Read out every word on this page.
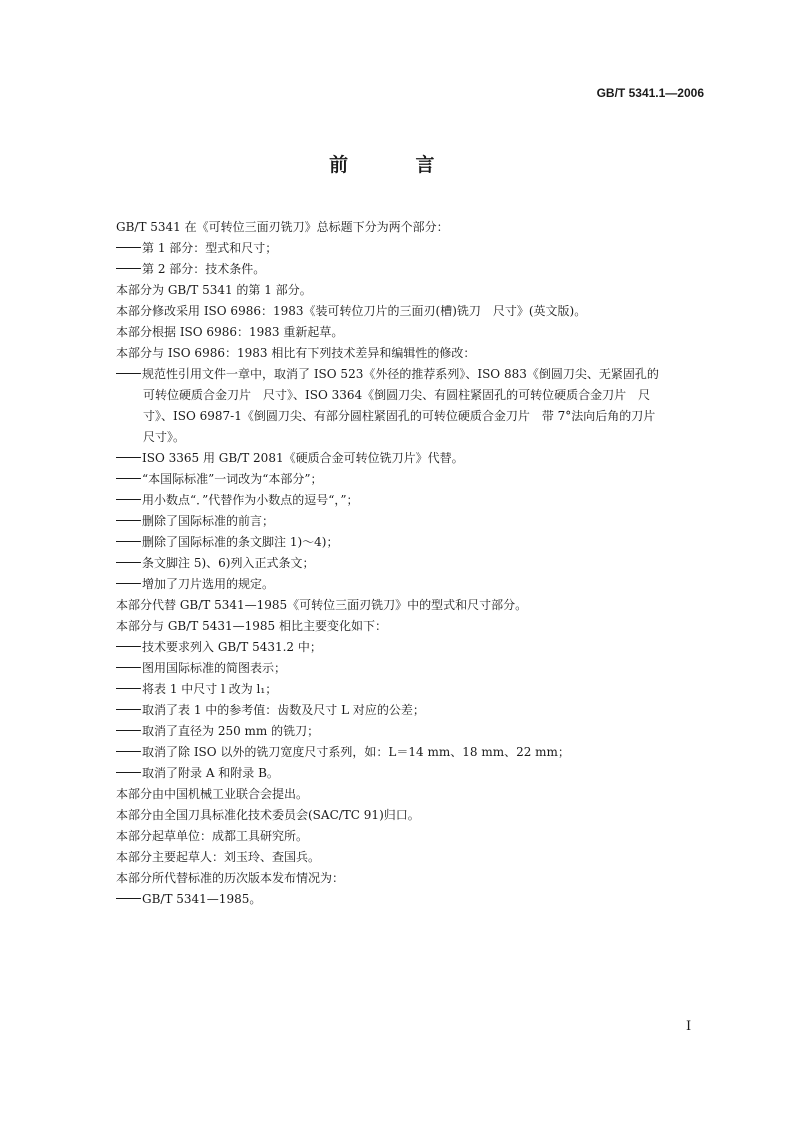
GB/T 5341.1—2006
前 言
GB/T 5341 在《可转位三面刃铣刀》总标题下分为两个部分：
第 1 部分：型式和尺寸；
第 2 部分：技术条件。
本部分为 GB/T 5341 的第 1 部分。
本部分修改采用 ISO 6986：1983《装可转位刀片的三面刃(槽)铣刀　尺寸》(英文版)。
本部分根据 ISO 6986：1983 重新起草。
本部分与 ISO 6986：1983 相比有下列技术差异和编辑性的修改：
规范性引用文件一章中，取消了 ISO 523《外径的推荐系列》、ISO 883《倒圆刀尖、无紧固孔的
可转位硬质合金刀片　尺寸》、ISO 3364《倒圆刀尖、有圆柱紧固孔的可转位硬质合金刀片　尺
寸》、ISO 6987-1《倒圆刀尖、有部分圆柱紧固孔的可转位硬质合金刀片　带 7°法向后角的刀片
尺寸》。
ISO 3365 用 GB/T 2081《硬质合金可转位铣刀片》代替。
“本国际标准”一词改为“本部分”；
用小数点“．”代替作为小数点的逗号“，”；
删除了国际标准的前言；
删除了国际标准的条文脚注 1)～4)；
条文脚注 5)、6)列入正式条文；
增加了刀片选用的规定。
本部分代替 GB/T 5341—1985《可转位三面刃铣刀》中的型式和尺寸部分。
本部分与 GB/T 5431—1985 相比主要变化如下：
技术要求列入 GB/T 5431.2 中；
图用国际标准的简图表示；
将表 1 中尺寸 l 改为 l₁；
取消了表 1 中的参考值：齿数及尺寸 L 对应的公差；
取消了直径为 250 mm 的铣刀；
取消了除 ISO 以外的铣刀宽度尺寸系列，如：L＝14 mm、18 mm、22 mm；
取消了附录 A 和附录 B。
本部分由中国机械工业联合会提出。
本部分由全国刀具标准化技术委员会(SAC/TC 91)归口。
本部分起草单位：成都工具研究所。
本部分主要起草人：刘玉玲、查国兵。
本部分所代替标准的历次版本发布情况为：
GB/T 5341—1985。
I
